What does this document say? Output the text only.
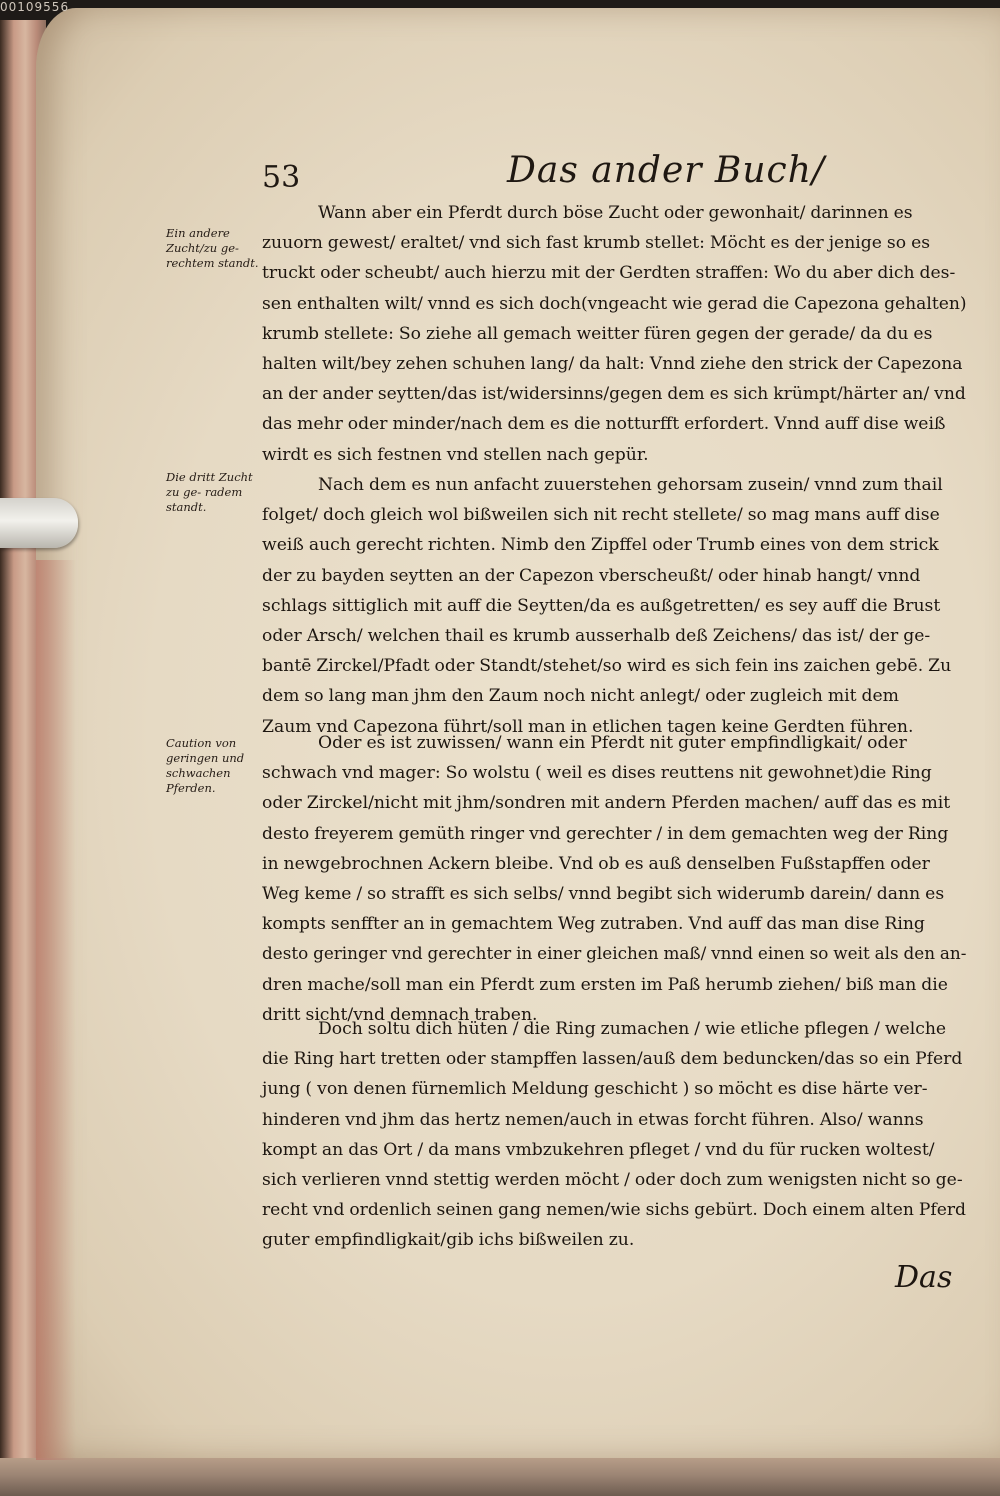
00109556
53	Das ander Buch/
Ein andere Zucht/zu ge- rechtem standt.
Die dritt Zucht zu ge- radem standt.
Caution von geringen und schwachen Pferden.
Wann aber ein Pferdt durch böse Zucht oder gewonhait/ darinnen es
zuuorn gewest/ eraltet/ vnd sich fast krumb stellet: Möcht es der jenige so es
truckt oder scheubt/ auch hierzu mit der Gerdten straffen: Wo du aber dich des-
sen enthalten wilt/ vnnd es sich doch(vngeacht wie gerad die Capezona gehalten)
krumb stellete: So ziehe all gemach weitter füren gegen der gerade/ da du es
halten wilt/bey zehen schuhen lang/ da halt: Vnnd ziehe den strick der Capezona
an der ander seytten/das ist/widersinns/gegen dem es sich krümpt/härter an/ vnd
das mehr oder minder/nach dem es die notturfft erfordert. Vnnd auff dise weiß
wirdt es sich festnen vnd stellen nach gepür.
Nach dem es nun anfacht zuuerstehen gehorsam zusein/ vnnd zum thail
folget/ doch gleich wol bißweilen sich nit recht stellete/ so mag mans auff dise
weiß auch gerecht richten. Nimb den Zipffel oder Trumb eines von dem strick
der zu bayden seytten an der Capezon vberscheußt/ oder hinab hangt/ vnnd
schlags sittiglich mit auff die Seytten/da es außgetretten/ es sey auff die Brust
oder Arsch/ welchen thail es krumb ausserhalb deß Zeichens/ das ist/ der ge-
bantē Zirckel/Pfadt oder Standt/stehet/so wird es sich fein ins zaichen gebē. Zu
dem so lang man jhm den Zaum noch nicht anlegt/ oder zugleich mit dem
Zaum vnd Capezona führt/soll man in etlichen tagen keine Gerdten führen.
Oder es ist zuwissen/ wann ein Pferdt nit guter empfindligkait/ oder
schwach vnd mager: So wolstu ( weil es dises reuttens nit gewohnet)die Ring
oder Zirckel/nicht mit jhm/sondren mit andern Pferden machen/ auff das es mit
desto freyerem gemüth ringer vnd gerechter / in dem gemachten weg der Ring
in newgebrochnen Ackern bleibe. Vnd ob es auß denselben Fußstapffen oder
Weg keme / so strafft es sich selbs/ vnnd begibt sich widerumb darein/ dann es
kompts senffter an in gemachtem Weg zutraben. Vnd auff das man dise Ring
desto geringer vnd gerechter in einer gleichen maß/ vnnd einen so weit als den an-
dren mache/soll man ein Pferdt zum ersten im Paß herumb ziehen/ biß man die
dritt sicht/vnd demnach traben.
Doch soltu dich hüten / die Ring zumachen / wie etliche pflegen / welche
die Ring hart tretten oder stampffen lassen/auß dem beduncken/das so ein Pferd
jung ( von denen fürnemlich Meldung geschicht ) so möcht es dise härte ver-
hinderen vnd jhm das hertz nemen/auch in etwas forcht führen. Also/ wanns
kompt an das Ort / da mans vmbzukehren pfleget / vnd du für rucken woltest/
sich verlieren vnnd stettig werden möcht / oder doch zum wenigsten nicht so ge-
recht vnd ordenlich seinen gang nemen/wie sichs gebürt. Doch einem alten Pferd
guter empfindligkait/gib ichs bißweilen zu.
Das
